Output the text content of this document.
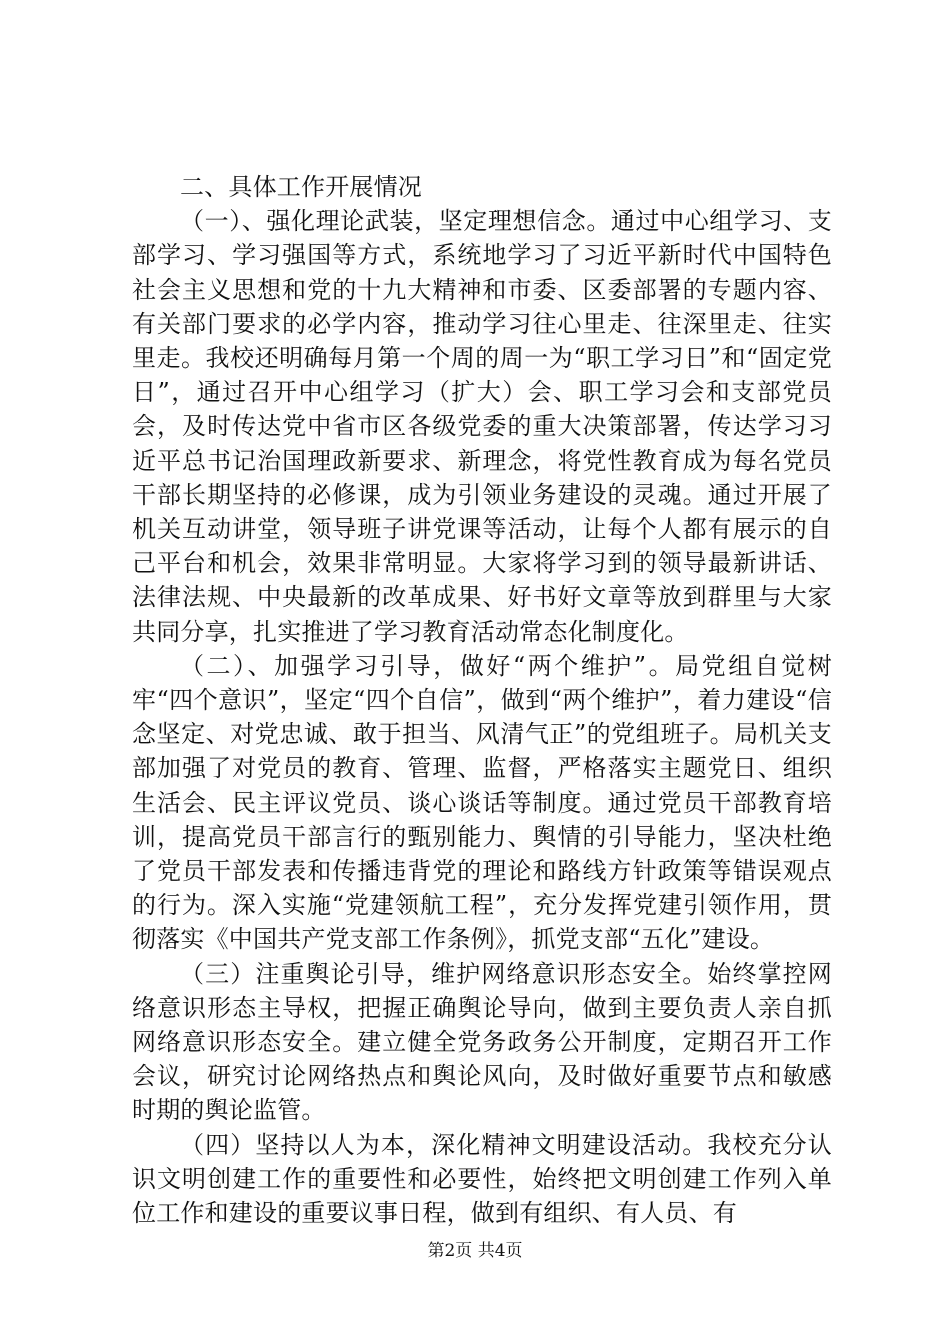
二、具体工作开展情况

（一）、强化理论武装，坚定理想信念。通过中心组学习、支部学习、学习强国等方式，系统地学习了习近平新时代中国特色社会主义思想和党的十九大精神和市委、区委部署的专题内容、有关部门要求的必学内容，推动学习往心里走、往深里走、往实里走。我校还明确每月第一个周的周一为“职工学习日”和“固定党日”，通过召开中心组学习（扩大）会、职工学习会和支部党员会，及时传达党中省市区各级党委的重大决策部署，传达学习习近平总书记治国理政新要求、新理念，将党性教育成为每名党员干部长期坚持的必修课，成为引领业务建设的灵魂。通过开展了机关互动讲堂，领导班子讲党课等活动，让每个人都有展示的自己平台和机会，效果非常明显。大家将学习到的领导最新讲话、法律法规、中央最新的改革成果、好书好文章等放到群里与大家共同分享，扎实推进了学习教育活动常态化制度化。

（二）、加强学习引导，做好“两个维护”。局党组自觉树牢“四个意识”，坚定“四个自信”，做到“两个维护”，着力建设“信念坚定、对党忠诚、敢于担当、风清气正”的党组班子。局机关支部加强了对党员的教育、管理、监督，严格落实主题党日、组织生活会、民主评议党员、谈心谈话等制度。通过党员干部教育培训，提高党员干部言行的甄别能力、舆情的引导能力，坚决杜绝了党员干部发表和传播违背党的理论和路线方针政策等错误观点的行为。深入实施“党建领航工程”，充分发挥党建引领作用，贯彻落实《中国共产党支部工作条例》，抓党支部“五化”建设。

（三）注重舆论引导，维护网络意识形态安全。始终掌控网络意识形态主导权，把握正确舆论导向，做到主要负责人亲自抓网络意识形态安全。建立健全党务政务公开制度，定期召开工作会议，研究讨论网络热点和舆论风向，及时做好重要节点和敏感时期的舆论监管。

（四）坚持以人为本，深化精神文明建设活动。我校充分认识文明创建工作的重要性和必要性，始终把文明创建工作列入单位工作和建设的重要议事日程，做到有组织、有人员、有

第2页 共4页
